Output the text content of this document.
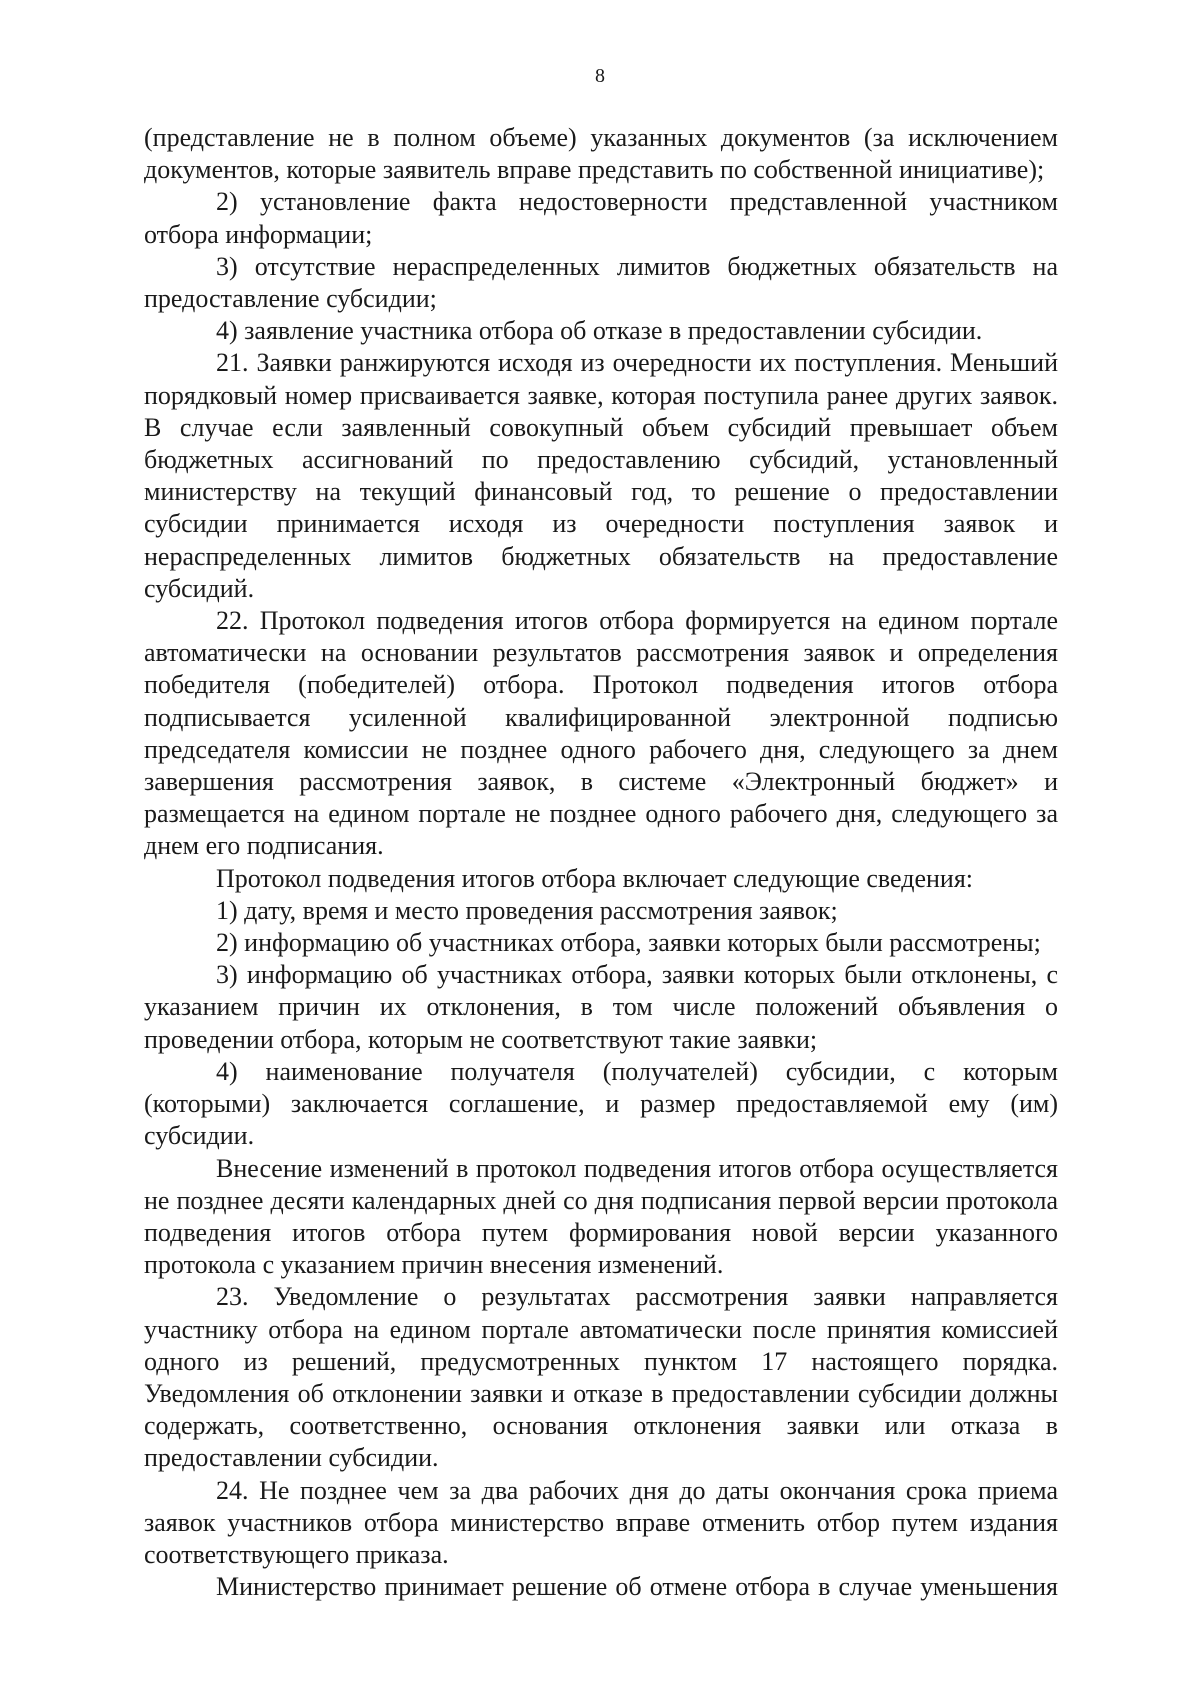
8

(представление не в полном объеме) указанных документов (за исключением документов, которые заявитель вправе представить по собственной инициативе);

2) установление факта недостоверности представленной участником отбора информации;

3) отсутствие нераспределенных лимитов бюджетных обязательств на предоставление субсидии;

4) заявление участника отбора об отказе в предоставлении субсидии.

21. Заявки ранжируются исходя из очередности их поступления. Меньший порядковый номер присваивается заявке, которая поступила ранее других заявок. В случае если заявленный совокупный объем субсидий превышает объем бюджетных ассигнований по предоставлению субсидий, установленный министерству на текущий финансовый год, то решение о предоставлении субсидии принимается исходя из очередности поступления заявок и нераспределенных лимитов бюджетных обязательств на предоставление субсидий.

22. Протокол подведения итогов отбора формируется на едином портале автоматически на основании результатов рассмотрения заявок и определения победителя (победителей) отбора. Протокол подведения итогов отбора подписывается усиленной квалифицированной электронной подписью председателя комиссии не позднее одного рабочего дня, следующего за днем завершения рассмотрения заявок, в системе «Электронный бюджет» и размещается на едином портале не позднее одного рабочего дня, следующего за днем его подписания.

Протокол подведения итогов отбора включает следующие сведения:

1) дату, время и место проведения рассмотрения заявок;

2) информацию об участниках отбора, заявки которых были рассмотрены;

3) информацию об участниках отбора, заявки которых были отклонены, с указанием причин их отклонения, в том числе положений объявления о проведении отбора, которым не соответствуют такие заявки;

4) наименование получателя (получателей) субсидии, с которым (которыми) заключается соглашение, и размер предоставляемой ему (им) субсидии.

Внесение изменений в протокол подведения итогов отбора осуществляется не позднее десяти календарных дней со дня подписания первой версии протокола подведения итогов отбора путем формирования новой версии указанного протокола с указанием причин внесения изменений.

23. Уведомление о результатах рассмотрения заявки направляется участнику отбора на едином портале автоматически после принятия комиссией одного из решений, предусмотренных пунктом 17 настоящего порядка. Уведомления об отклонении заявки и отказе в предоставлении субсидии должны содержать, соответственно, основания отклонения заявки или отказа в предоставлении субсидии.

24. Не позднее чем за два рабочих дня до даты окончания срока приема заявок участников отбора министерство вправе отменить отбор путем издания соответствующего приказа.

Министерство принимает решение об отмене отбора в случае уменьшения
